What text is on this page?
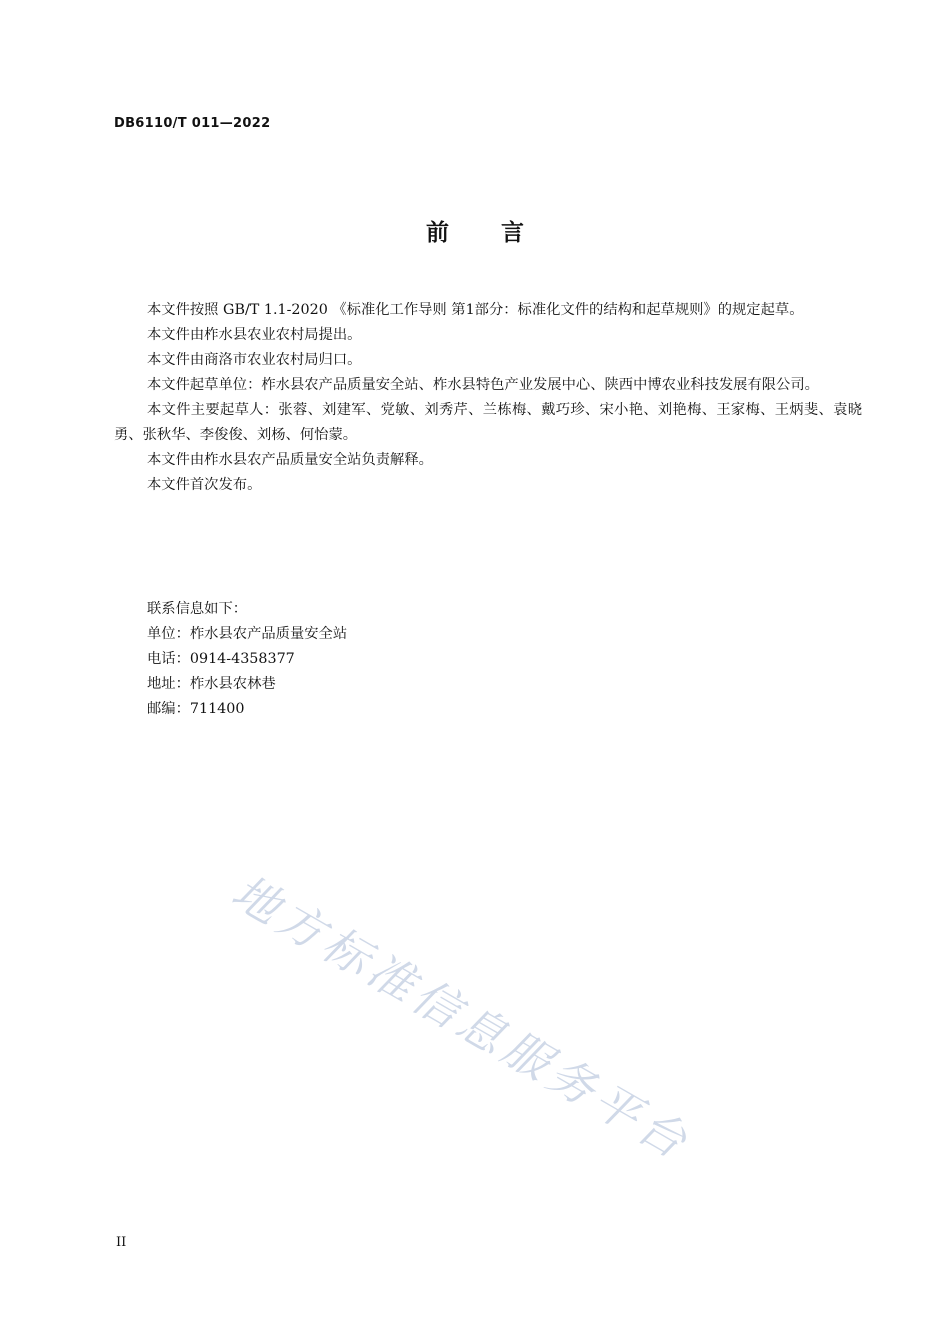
DB6110/T 011—2022
前言

本文件按照 GB/T 1.1-2020 《标准化工作导则 第1部分：标准化文件的结构和起草规则》的规定起草。

本文件由柞水县农业农村局提出。

本文件由商洛市农业农村局归口。

本文件起草单位：柞水县农产品质量安全站、柞水县特色产业发展中心、陕西中博农业科技发展有限公司。

本文件主要起草人：张蓉、刘建军、党敏、刘秀芹、兰栋梅、戴巧珍、宋小艳、刘艳梅、王家梅、王炳斐、袁晓勇、张秋华、李俊俊、刘杨、何怡蒙。

本文件由柞水县农产品质量安全站负责解释。

本文件首次发布。

联系信息如下：
单位：柞水县农产品质量安全站
电话：0914-4358377
地址：柞水县农林巷
邮编：711400
地方标准信息服务平台
II
